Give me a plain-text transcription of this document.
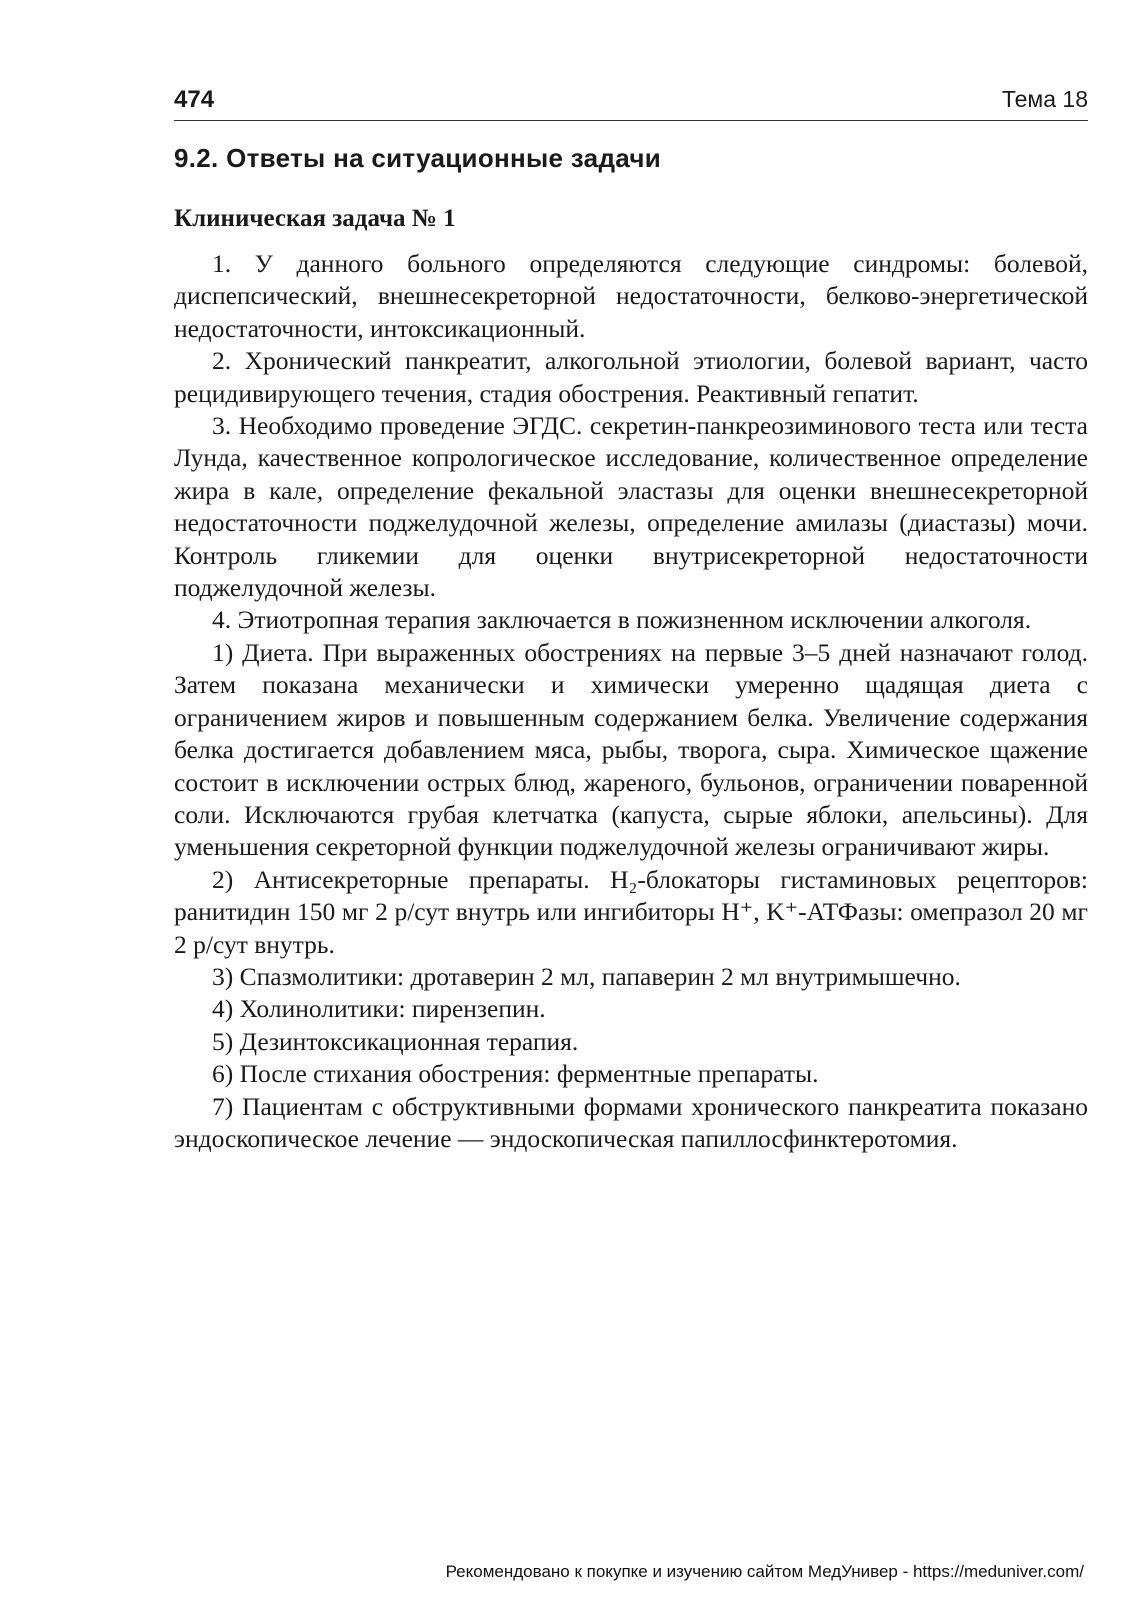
474	Тема 18
9.2. Ответы на ситуационные задачи
Клиническая задача № 1

1. У данного больного определяются следующие синдромы: болевой, диспепсический, внешнесекреторной недостаточности, белково-энергетической недостаточности, интоксикационный.

2. Хронический панкреатит, алкогольной этиологии, болевой вариант, часто рецидивирующего течения, стадия обострения. Реактивный гепатит.

3. Необходимо проведение ЭГДС. секретин-панкреозиминового теста или теста Лунда, качественное копрологическое исследование, количественное определение жира в кале, определение фекальной эластазы для оценки внешнесекреторной недостаточности поджелудочной железы, определение амилазы (диастазы) мочи. Контроль гликемии для оценки внутрисекреторной недостаточности поджелудочной железы.

4. Этиотропная терапия заключается в пожизненном исключении алкоголя.

1) Диета. При выраженных обострениях на первые 3–5 дней назначают голод. Затем показана механически и химически умеренно щадящая диета с ограничением жиров и повышенным содержанием белка. Увеличение содержания белка достигается добавлением мяса, рыбы, творога, сыра. Химическое щажение состоит в исключении острых блюд, жареного, бульонов, ограничении поваренной соли. Исключаются грубая клетчатка (капуста, сырые яблоки, апельсины). Для уменьшения секреторной функции поджелудочной железы ограничивают жиры.

2) Антисекреторные препараты. H₂-блокаторы гистаминовых рецепторов: ранитидин 150 мг 2 р/сут внутрь или ингибиторы H⁺, K⁺-АТФазы: омепразол 20 мг 2 р/сут внутрь.

3) Спазмолитики: дротаверин 2 мл, папаверин 2 мл внутримышечно.

4) Холинолитики: пирензепин.

5) Дезинтоксикационная терапия.

6) После стихания обострения: ферментные препараты.

7) Пациентам с обструктивными формами хронического панкреатита показано эндоскопическое лечение — эндоскопическая папиллосфинктеротомия.

Рекомендовано к покупке и изучению сайтом МедУнивер - https://meduniver.com/
